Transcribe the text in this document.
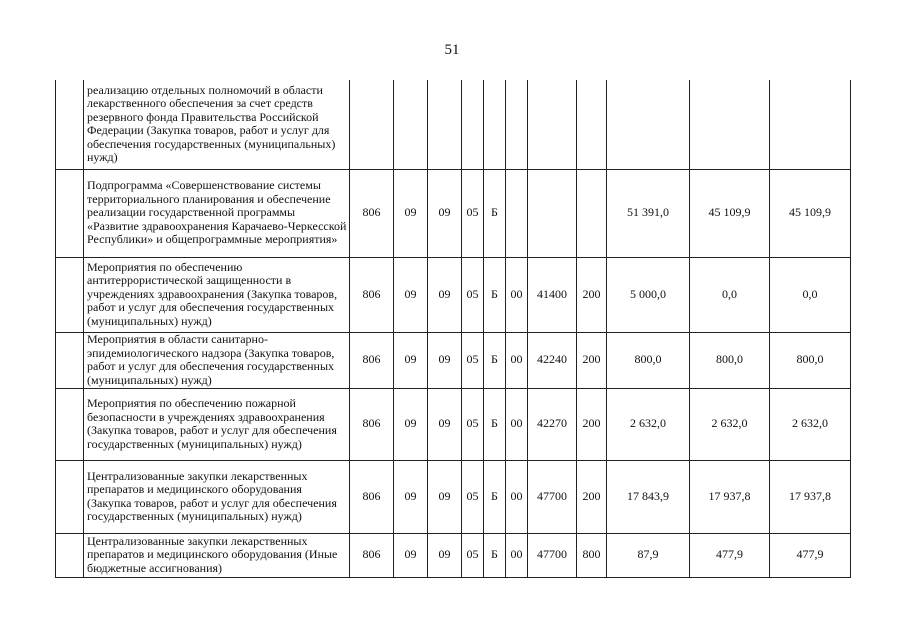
51
	реализацию отдельных полномочий в области лекарственного обеспечения за счет средств резервного фонда Правительства Российской Федерации (Закупка товаров, работ и услуг для обеспечения государственных (муниципальных) нужд)											
	Подпрограмма «Совершенствование системы территориального планирования и обеспечение реализации государственной программы «Развитие здравоохранения Карачаево-Черкесской Республики» и общепрограммные мероприятия»	806	09	09	05	Б				51 391,0	45 109,9	45 109,9
	Мероприятия по обеспечению антитеррористической защищенности в учреждениях здравоохранения (Закупка товаров, работ и услуг для обеспечения государственных (муниципальных) нужд)	806	09	09	05	Б	00	41400	200	5 000,0	0,0	0,0
	Мероприятия в области санитарно-эпидемиологического надзора (Закупка товаров, работ и услуг для обеспечения государственных (муниципальных) нужд)	806	09	09	05	Б	00	42240	200	800,0	800,0	800,0
	Мероприятия по обеспечению пожарной безопасности в учреждениях здравоохранения (Закупка товаров, работ и услуг для обеспечения государственных (муниципальных) нужд)	806	09	09	05	Б	00	42270	200	2 632,0	2 632,0	2 632,0
	Централизованные закупки лекарственных препаратов и медицинского оборудования (Закупка товаров, работ и услуг для обеспечения государственных (муниципальных) нужд)	806	09	09	05	Б	00	47700	200	17 843,9	17 937,8	17 937,8
	Централизованные закупки лекарственных препаратов и медицинского оборудования (Иные бюджетные ассигнования)	806	09	09	05	Б	00	47700	800	87,9	477,9	477,9
